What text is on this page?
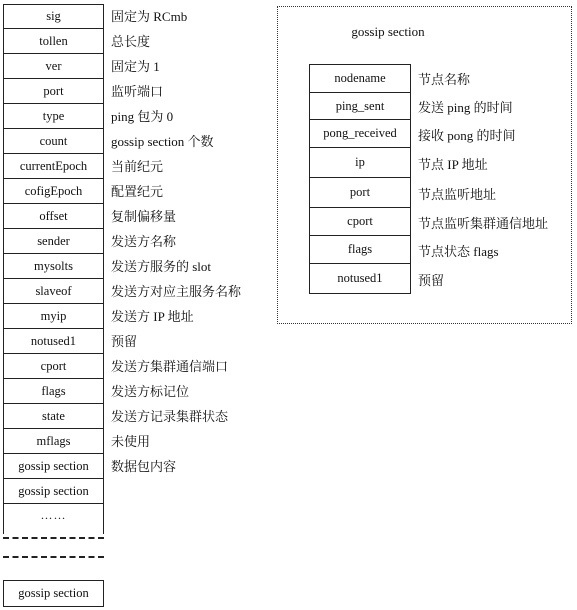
sig	固定为 RCmb
tollen	总长度
ver	固定为 1
port	监听端口
type	ping 包为 0
count	gossip section 个数
currentEpoch	当前纪元
cofigEpoch	配置纪元
offset	复制偏移量
sender	发送方名称
mysolts	发送方服务的 slot
slaveof	发送方对应主服务名称
myip	发送方 IP 地址
notused1	预留
cport	发送方集群通信端口
flags	发送方标记位
state	发送方记录集群状态
mflags	未使用
gossip section	数据包内容
gossip section
……
gossip section
gossip section
nodename	节点名称
ping_sent	发送 ping 的时间
pong_received	接收 pong 的时间
ip	节点 IP 地址
port	节点监听地址
cport	节点监听集群通信地址
flags	节点状态 flags
notused1	预留
